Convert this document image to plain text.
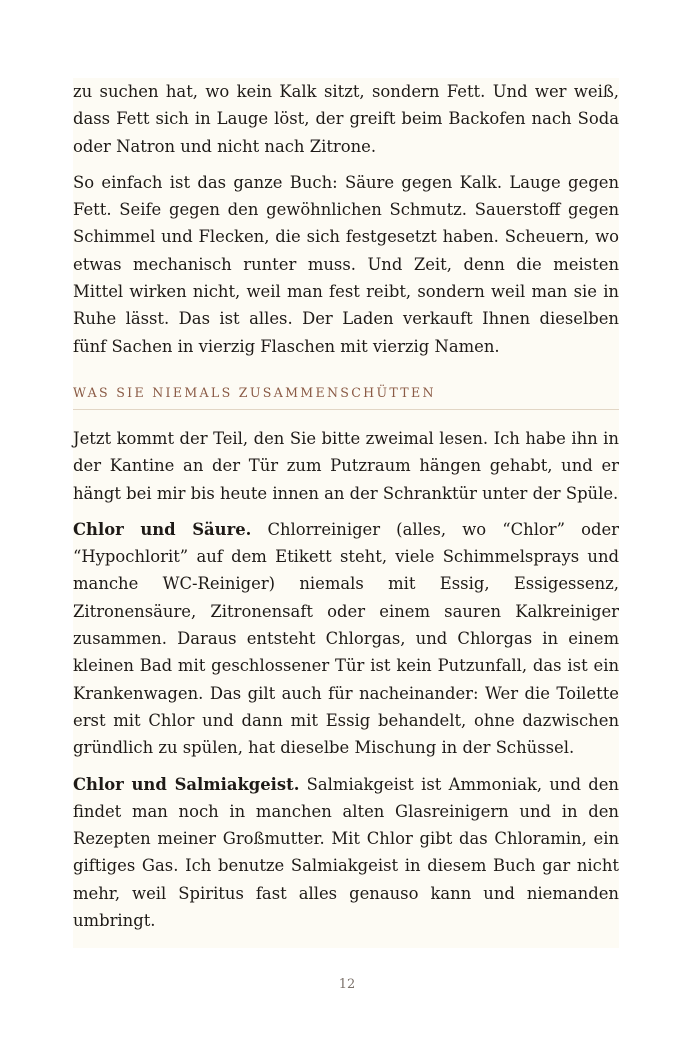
zu suchen hat, wo kein Kalk sitzt, sondern Fett. Und wer weiß, dass Fett sich in Lauge löst, der greift beim Backofen nach Soda oder Natron und nicht nach Zitrone.

So einfach ist das ganze Buch: Säure gegen Kalk. Lauge gegen Fett. Seife gegen den gewöhnlichen Schmutz. Sauerstoff gegen Schimmel und Flecken, die sich festgesetzt haben. Scheuern, wo etwas mechanisch runter muss. Und Zeit, denn die meisten Mittel wirken nicht, weil man fest reibt, sondern weil man sie in Ruhe lässt. Das ist alles. Der Laden verkauft Ihnen dieselben fünf Sachen in vierzig Flaschen mit vierzig Namen.

WAS SIE NIEMALS ZUSAMMENSCHÜTTEN

Jetzt kommt der Teil, den Sie bitte zweimal lesen. Ich habe ihn in der Kantine an der Tür zum Putzraum hängen gehabt, und er hängt bei mir bis heute innen an der Schranktür unter der Spüle.

Chlor und Säure. Chlorreiniger (alles, wo “Chlor” oder “Hypochlorit” auf dem Etikett steht, viele Schimmelsprays und manche WC-Reiniger) niemals mit Essig, Essigessenz, Zitronensäure, Zitronensaft oder einem sauren Kalkreiniger zusammen. Daraus entsteht Chlorgas, und Chlorgas in einem kleinen Bad mit geschlossener Tür ist kein Putzunfall, das ist ein Krankenwagen. Das gilt auch für nacheinander: Wer die Toilette erst mit Chlor und dann mit Essig behandelt, ohne dazwischen gründlich zu spülen, hat dieselbe Mischung in der Schüssel.

Chlor und Salmiakgeist. Salmiakgeist ist Ammoniak, und den findet man noch in manchen alten Glasreinigern und in den Rezepten meiner Großmutter. Mit Chlor gibt das Chloramin, ein giftiges Gas. Ich benutze Salmiakgeist in diesem Buch gar nicht mehr, weil Spiritus fast alles genauso kann und niemanden umbringt.

12
